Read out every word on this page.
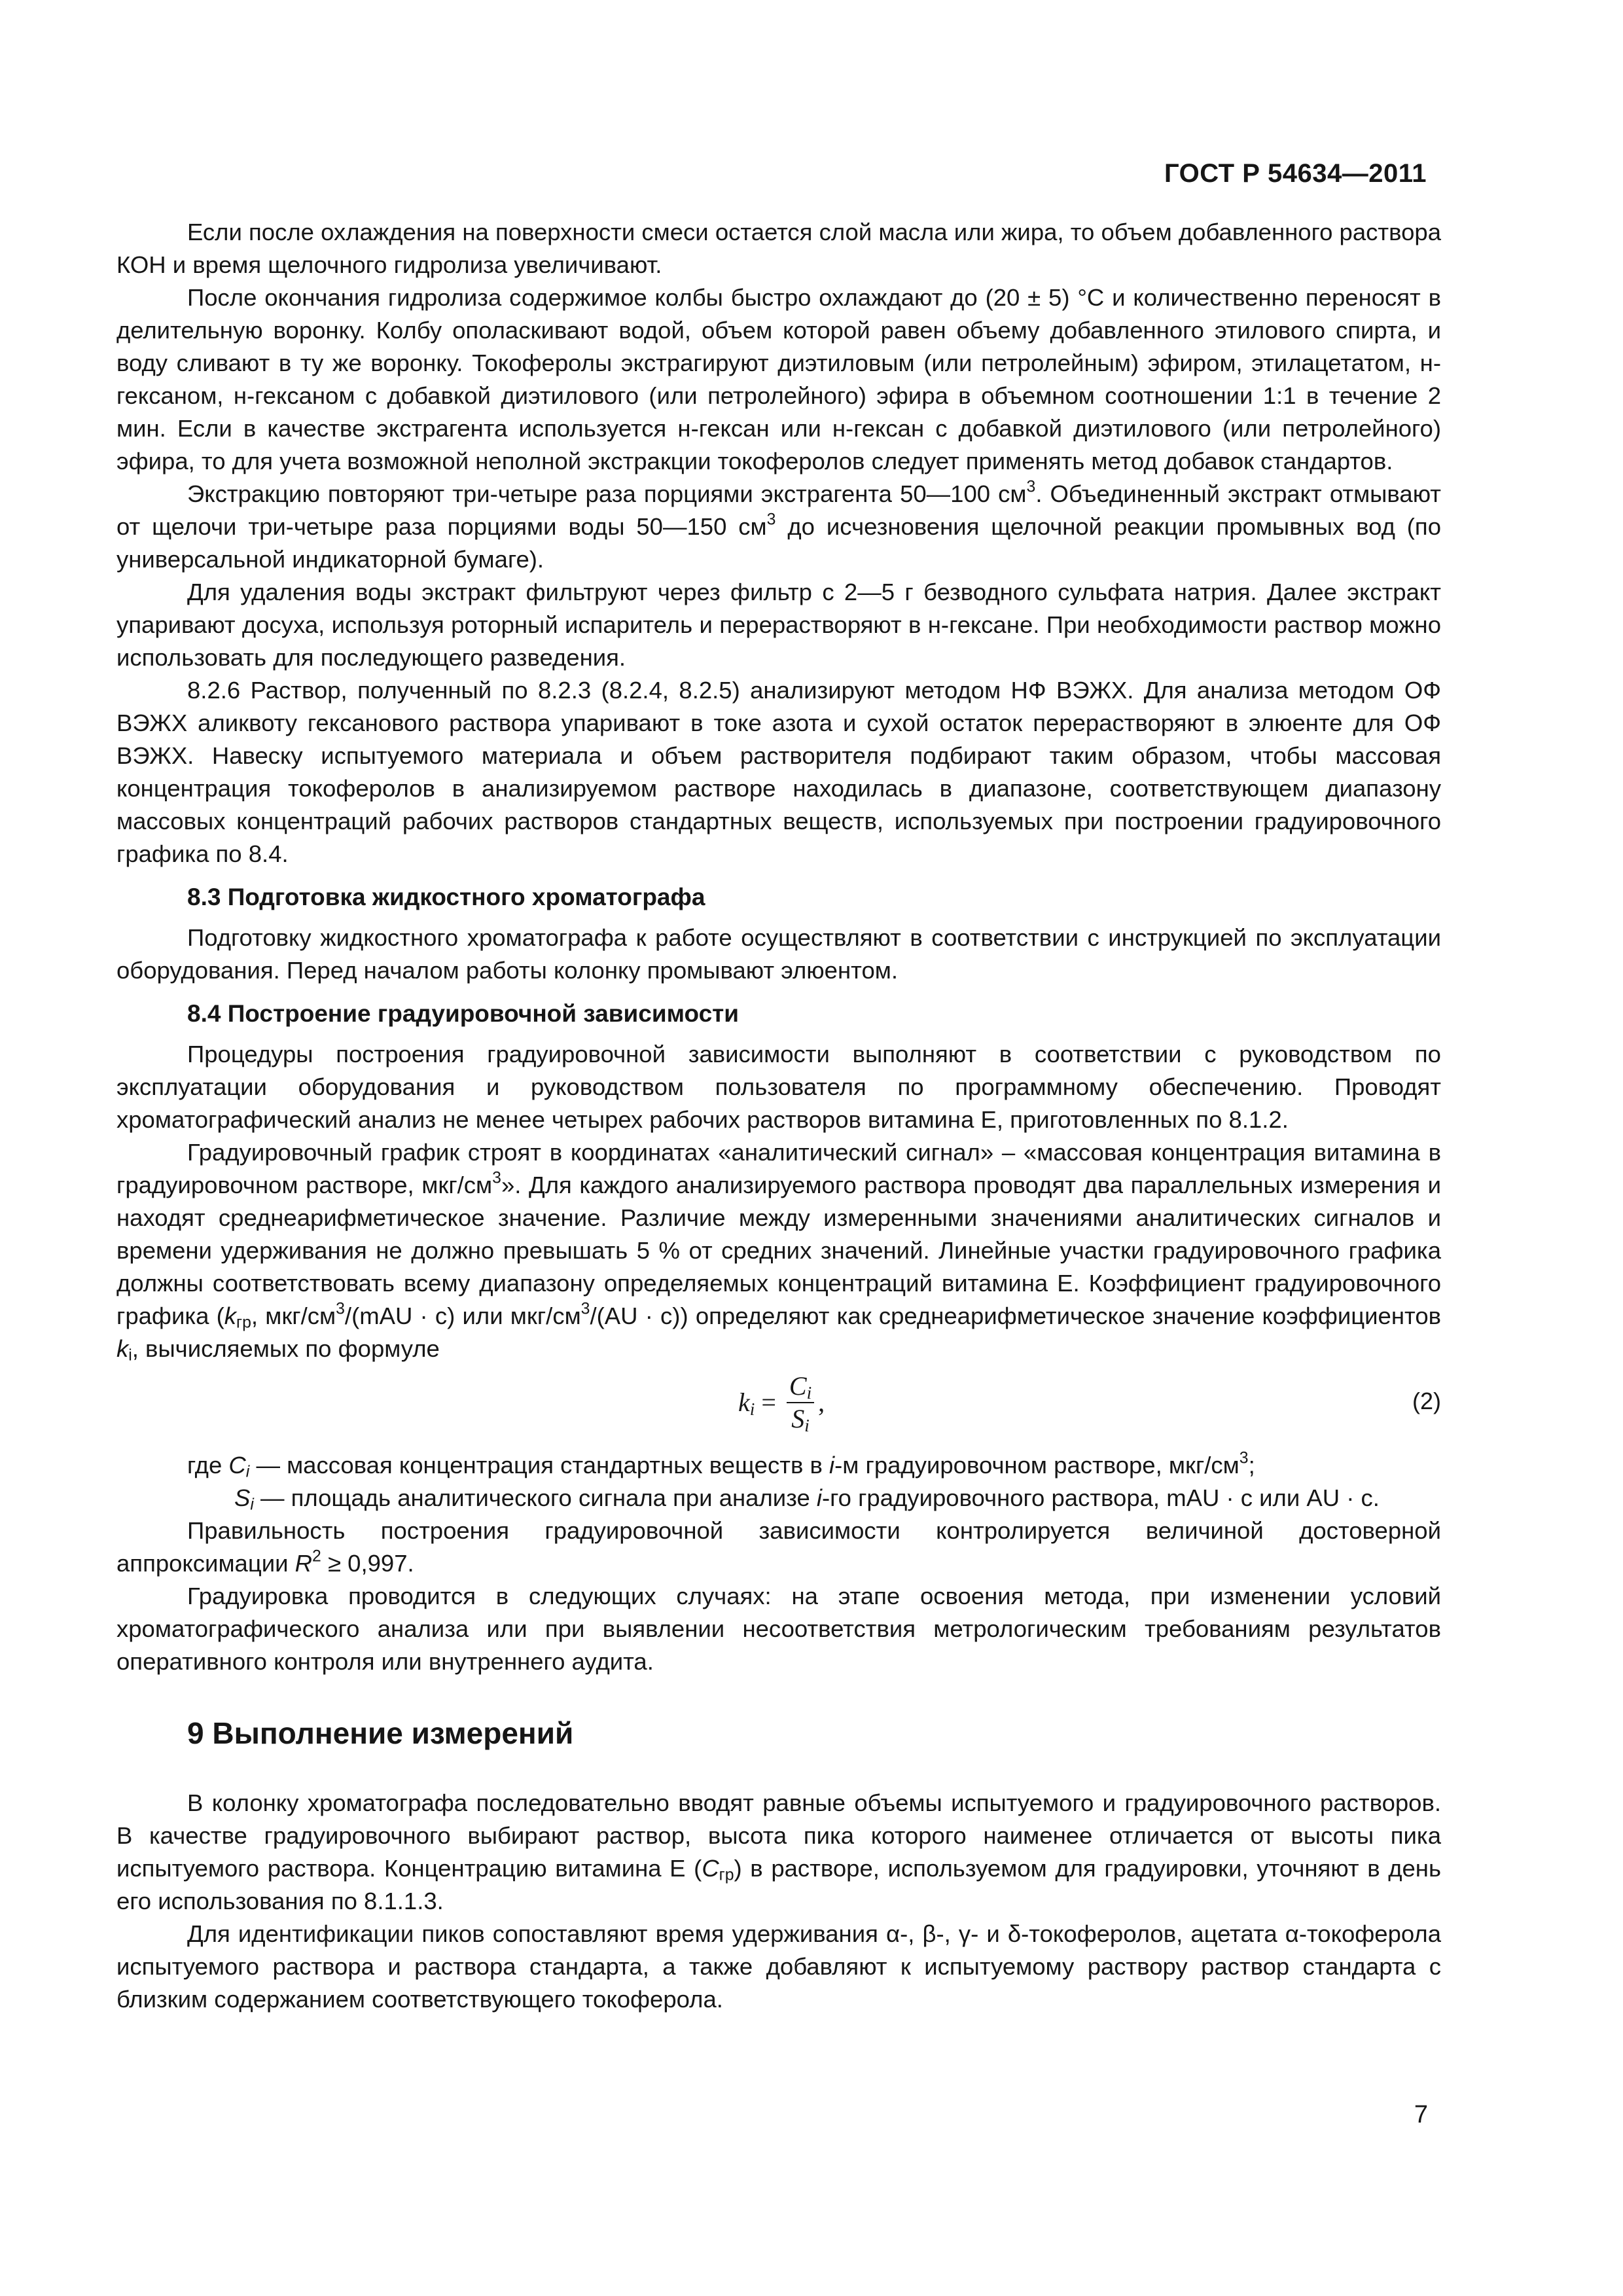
ГОСТ Р 54634—2011

Если после охлаждения на поверхности смеси остается слой масла или жира, то объем добавленного раствора КОН и время щелочного гидролиза увеличивают.

После окончания гидролиза содержимое колбы быстро охлаждают до (20 ± 5) °С и количественно переносят в делительную воронку. Колбу ополаскивают водой, объем которой равен объему добавленного этилового спирта, и воду сливают в ту же воронку. Токоферолы экстрагируют диэтиловым (или петролейным) эфиром, этилацетатом, н-гексаном, н-гексаном с добавкой диэтилового (или петролейного) эфира в объемном соотношении 1:1 в течение 2 мин. Если в качестве экстрагента используется н-гексан или н-гексан с добавкой диэтилового (или петролейного) эфира, то для учета возможной неполной экстракции токоферолов следует применять метод добавок стандартов.

Экстракцию повторяют три-четыре раза порциями экстрагента 50—100 $см^3$. Объединенный экстракт отмывают от щелочи три-четыре раза порциями воды 50—150 $см^3$ до исчезновения щелочной реакции промывных вод (по универсальной индикаторной бумаге).

Для удаления воды экстракт фильтруют через фильтр с 2—5 г безводного сульфата натрия. Далее экстракт упаривают досуха, используя роторный испаритель и перерастворяют в н-гексане. При необходимости раствор можно использовать для последующего разведения.

8.2.6 Раствор, полученный по 8.2.3 (8.2.4, 8.2.5) анализируют методом НФ ВЭЖХ. Для анализа методом ОФ ВЭЖХ аликвоту гексанового раствора упаривают в токе азота и сухой остаток перерастворяют в элюенте для ОФ ВЭЖХ. Навеску испытуемого материала и объем растворителя подбирают таким образом, чтобы массовая концентрация токоферолов в анализируемом растворе находилась в диапазоне, соответствующем диапазону массовых концентраций рабочих растворов стандартных веществ, используемых при построении градуировочного графика по 8.4.

8.3 Подготовка жидкостного хроматографа

Подготовку жидкостного хроматографа к работе осуществляют в соответствии с инструкцией по эксплуатации оборудования. Перед началом работы колонку промывают элюентом.

8.4 Построение градуировочной зависимости

Процедуры построения градуировочной зависимости выполняют в соответствии с руководством по эксплуатации оборудования и руководством пользователя по программному обеспечению. Проводят хроматографический анализ не менее четырех рабочих растворов витамина Е, приготовленных по 8.1.2.

Градуировочный график строят в координатах «аналитический сигнал» – «массовая концентрация витамина в градуировочном растворе, мкг/$см^3$». Для каждого анализируемого раствора проводят два параллельных измерения и находят среднеарифметическое значение. Различие между измеренными значениями аналитических сигналов и времени удерживания не должно превышать 5 % от средних значений. Линейные участки градуировочного графика должны соответствовать всему диапазону определяемых концентраций витамина Е. Коэффициент градуировочного графика ($k_{гр}$, мкг/$см^3/(mAU \cdot с)$ или мкг/$см^3/(AU \cdot с)$) определяют как среднеарифметическое значение коэффициентов $k_i$, вычисляемых по формуле

$k_i = \frac{C_i}{S_i}$ ,	(2)

где $C_i$ — массовая концентрация стандартных веществ в i-м градуировочном растворе, мкг/$см^3$;

$S_i$ — площадь аналитического сигнала при анализе i-го градуировочного раствора, mAU · с или AU · с.

Правильность построения градуировочной зависимости контролируется величиной достоверной аппроксимации $R^2 \ge 0,997$.

Градуировка проводится в следующих случаях: на этапе освоения метода, при изменении условий хроматографического анализа или при выявлении несоответствия метрологическим требованиям результатов оперативного контроля или внутреннего аудита.

9 Выполнение измерений

В колонку хроматографа последовательно вводят равные объемы испытуемого и градуировочного растворов. В качестве градуировочного выбирают раствор, высота пика которого наименее отличается от высоты пика испытуемого раствора. Концентрацию витамина Е $(C_{гр})$ в растворе, используемом для градуировки, уточняют в день его использования по 8.1.1.3.

Для идентификации пиков сопоставляют время удерживания α-, β-, γ- и δ-токоферолов, ацетата α-токоферола испытуемого раствора и раствора стандарта, а также добавляют к испытуемому раствору раствор стандарта с близким содержанием соответствующего токоферола.

7
